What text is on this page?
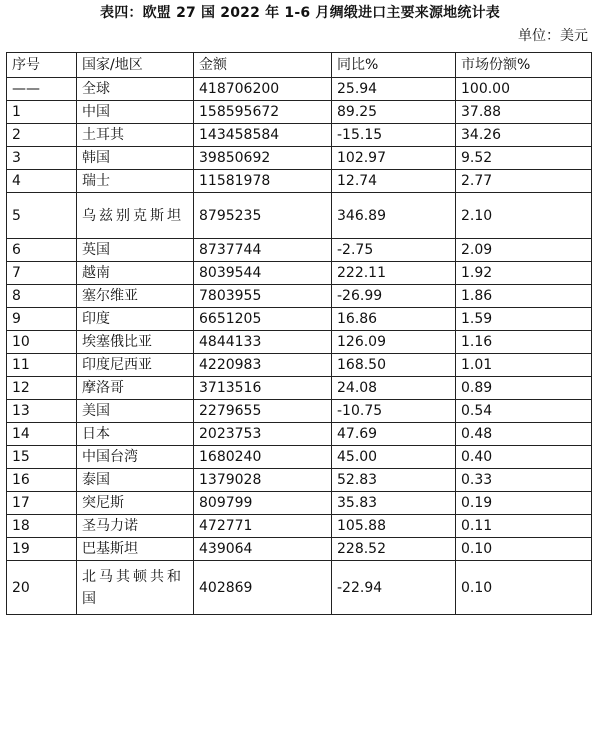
表四：欧盟 27 国 2022 年 1-6 月绸缎进口主要来源地统计表
单位：美元
序号	国家/地区	金额	同比%	市场份额%
——	全球	418706200	25.94	100.00
1	中国	158595672	89.25	37.88
2	土耳其	143458584	-15.15	34.26
3	韩国	39850692	102.97	9.52
4	瑞士	11581978	12.74	2.77
5	乌兹别克斯坦	8795235	346.89	2.10
6	英国	8737744	-2.75	2.09
7	越南	8039544	222.11	1.92
8	塞尔维亚	7803955	-26.99	1.86
9	印度	6651205	16.86	1.59
10	埃塞俄比亚	4844133	126.09	1.16
11	印度尼西亚	4220983	168.50	1.01
12	摩洛哥	3713516	24.08	0.89
13	美国	2279655	-10.75	0.54
14	日本	2023753	47.69	0.48
15	中国台湾	1680240	45.00	0.40
16	泰国	1379028	52.83	0.33
17	突尼斯	809799	35.83	0.19
18	圣马力诺	472771	105.88	0.11
19	巴基斯坦	439064	228.52	0.10
20	北马其顿共和国	402869	-22.94	0.10
